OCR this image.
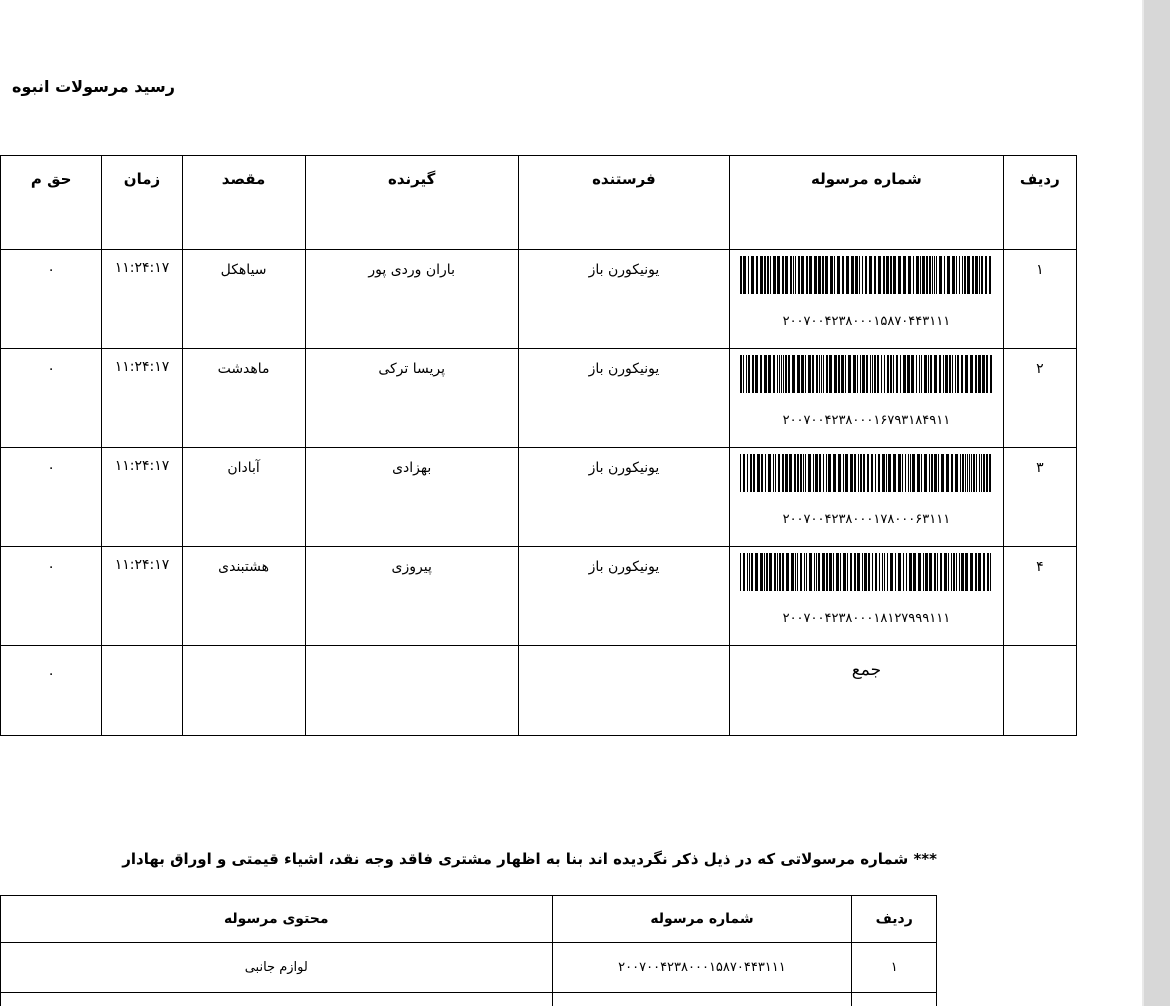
رسید مرسولات انبوه
ردیف	شماره مرسوله	فرستنده	گیرنده	مقصد	زمان	حق م
۱	۲۰۰۷۰۰۴۲۳۸۰۰۰۱۵۸۷۰۴۴۳۱۱۱	یونیکورن باز	باران وردی پور	سیاهکل	۱۱:۲۴:۱۷	۰
۲	۲۰۰۷۰۰۴۲۳۸۰۰۰۱۶۷۹۳۱۸۴۹۱۱	یونیکورن باز	پریسا ترکی	ماهدشت	۱۱:۲۴:۱۷	۰
۳	۲۰۰۷۰۰۴۲۳۸۰۰۰۱۷۸۰۰۰۶۳۱۱۱	یونیکورن باز	بهزادی	آبادان	۱۱:۲۴:۱۷	۰
۴	۲۰۰۷۰۰۴۲۳۸۰۰۰۱۸۱۲۷۹۹۹۱۱۱	یونیکورن باز	پیروزی	هشتبندی	۱۱:۲۴:۱۷	۰

	جمع					۰
*** شماره مرسولاتی که در ذیل ذکر نگردیده اند بنا به اظهار مشتری فاقد وجه نقد، اشیاء قیمتی و اوراق بهادار
ردیف	شماره مرسوله	محتوی مرسوله
۱	۲۰۰۷۰۰۴۲۳۸۰۰۰۱۵۸۷۰۴۴۳۱۱۱	لوازم جانبی
